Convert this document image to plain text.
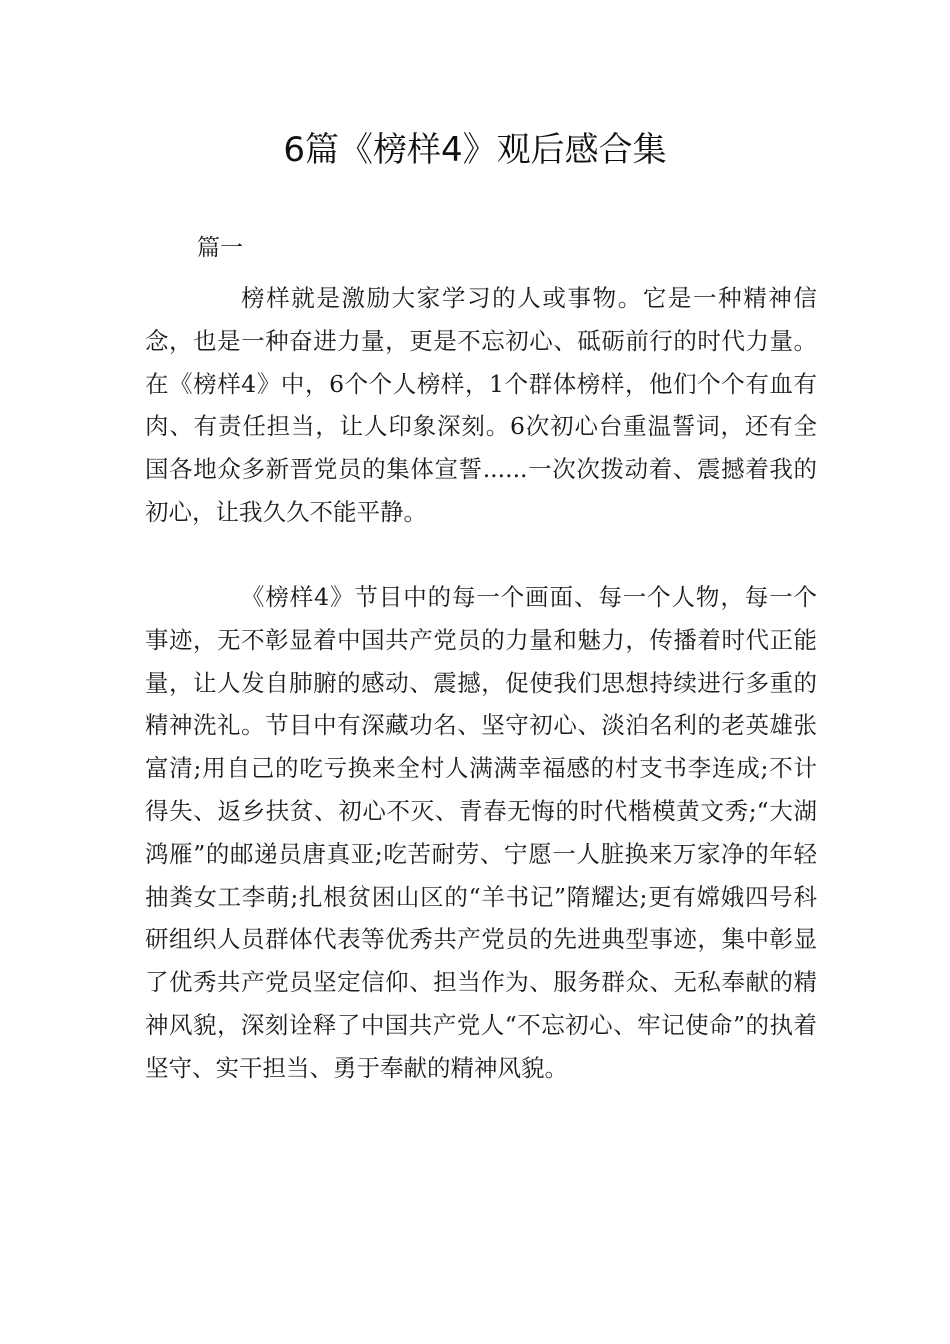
6篇《榜样4》观后感合集
篇一

榜样就是激励大家学习的人或事物。它是一种精神信念，也是一种奋进力量，更是不忘初心、砥砺前行的时代力量。在《榜样4》中，6个个人榜样，1个群体榜样，他们个个有血有肉、有责任担当，让人印象深刻。6次初心台重温誓词，还有全国各地众多新晋党员的集体宣誓......一次次拨动着、震撼着我的初心，让我久久不能平静。

《榜样4》节目中的每一个画面、每一个人物，每一个事迹，无不彰显着中国共产党员的力量和魅力，传播着时代正能量，让人发自肺腑的感动、震撼，促使我们思想持续进行多重的精神洗礼。节目中有深藏功名、坚守初心、淡泊名利的老英雄张富清;用自己的吃亏换来全村人满满幸福感的村支书李连成;不计得失、返乡扶贫、初心不灭、青春无悔的时代楷模黄文秀;“大湖鸿雁”的邮递员唐真亚;吃苦耐劳、宁愿一人脏换来万家净的年轻抽粪女工李萌;扎根贫困山区的“羊书记”隋耀达;更有嫦娥四号科研组织人员群体代表等优秀共产党员的先进典型事迹，集中彰显了优秀共产党员坚定信仰、担当作为、服务群众、无私奉献的精神风貌，深刻诠释了中国共产党人“不忘初心、牢记使命”的执着坚守、实干担当、勇于奉献的精神风貌。
